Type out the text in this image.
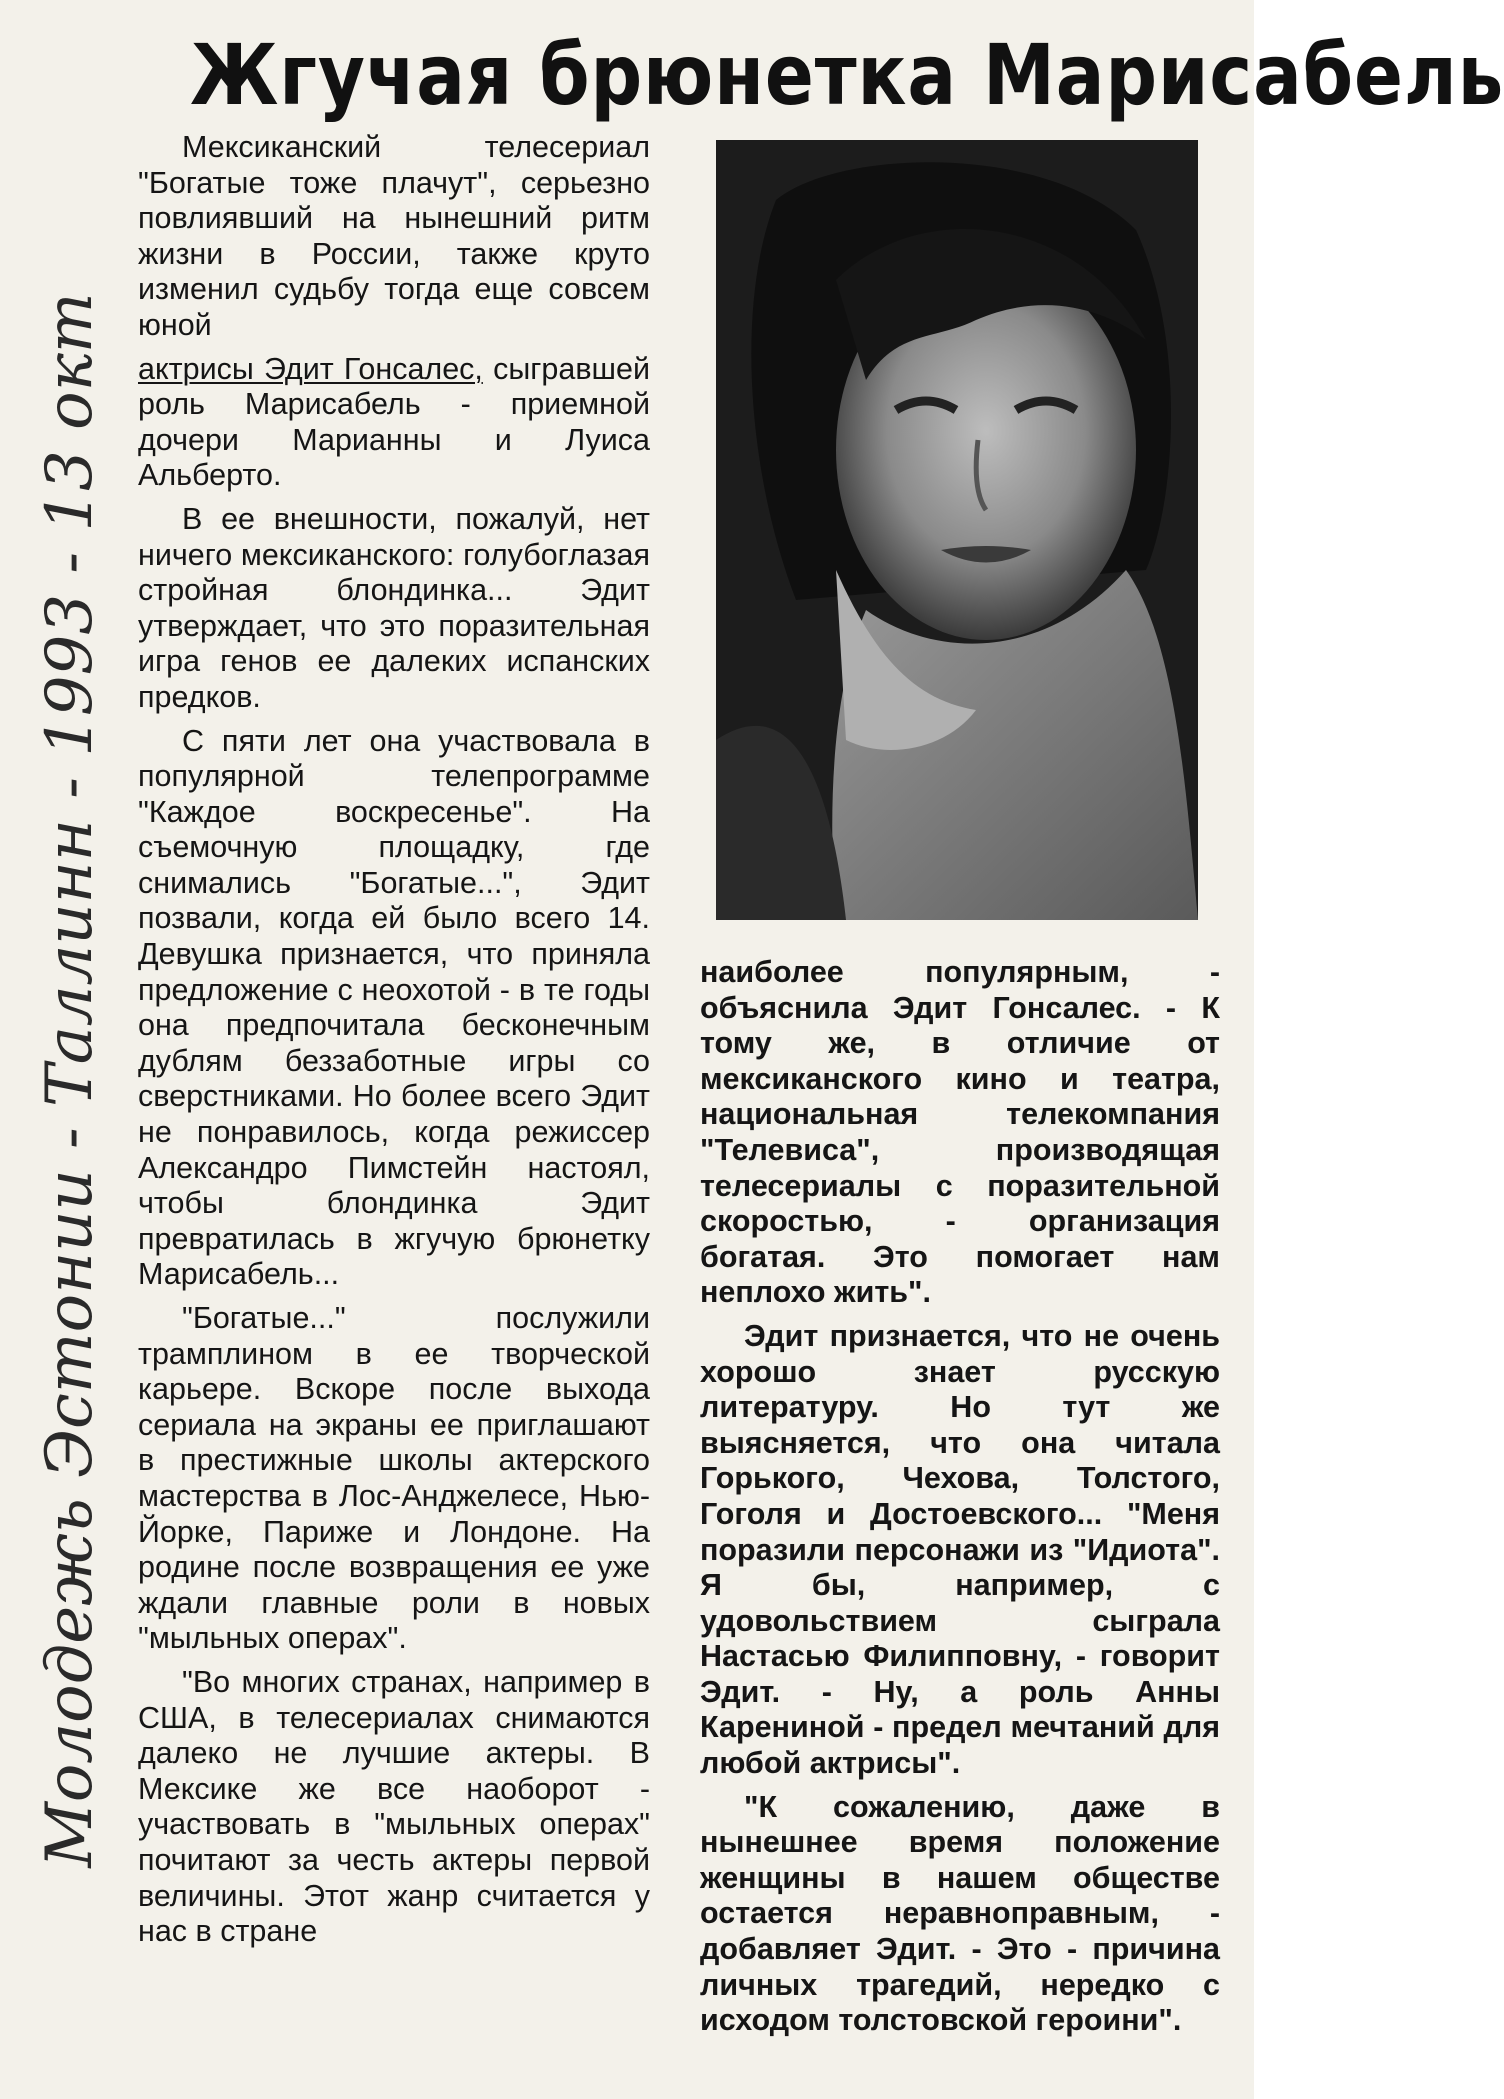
Жгучая брюнетка Марисабель

Мексиканский телесериал "Богатые тоже плачут", серьезно повлиявший на нынешний ритм жизни в России, также круто изменил судьбу тогда еще совсем юной

актрисы Эдит Гонсалес, сыгравшей роль Марисабель - приемной дочери Марианны и Луиса Альберто.

В ее внешности, пожалуй, нет ничего мексиканского: голубоглазая стройная блондинка... Эдит утверждает, что это поразительная игра генов ее далеких испанских предков.

С пяти лет она участвовала в популярной телепрограмме "Каждое воскресенье". На съемочную площадку, где снимались "Богатые...", Эдит позвали, когда ей было всего 14. Девушка признается, что приняла предложение с неохотой - в те годы она предпочитала бесконечным дублям беззаботные игры со сверстниками. Но более всего Эдит не понравилось, когда режиссер Александро Пимстейн настоял, чтобы блондинка Эдит превратилась в жгучую брюнетку Марисабель...

"Богатые..." послужили трамплином в ее творческой карьере. Вскоре после выхода сериала на экраны ее приглашают в престижные школы актерского мастерства в Лос-Анджелесе, Нью-Йорке, Париже и Лондоне. На родине после возвращения ее уже ждали главные роли в новых "мыльных операх".

"Во многих странах, например в США, в телесериалах снимаются далеко не лучшие актеры. В Мексике же все наоборот - участвовать в "мыльных операх" почитают за честь актеры первой величины. Этот жанр считается у нас в стране

наиболее популярным, - объяснила Эдит Гонсалес. - К тому же, в отличие от мексиканского кино и театра, национальная телекомпания "Телевиса", производящая телесериалы с поразительной скоростью, - организация богатая. Это помогает нам неплохо жить".

Эдит признается, что не очень хорошо знает русскую литературу. Но тут же выясняется, что она читала Горького, Чехова, Толстого, Гоголя и Достоевского... "Меня поразили персонажи из "Идиота". Я бы, например, с удовольствием сыграла Настасью Филипповну, - говорит Эдит. - Ну, а роль Анны Карениной - предел мечтаний для любой актрисы".

"К сожалению, даже в нынешнее время положение женщины в нашем обществе остается неравноправным, - добавляет Эдит. - Это - причина личных трагедий, нередко с исходом толстовской героини".

Молодежь Эстонии - Таллинн - 1993 - 13 окт
